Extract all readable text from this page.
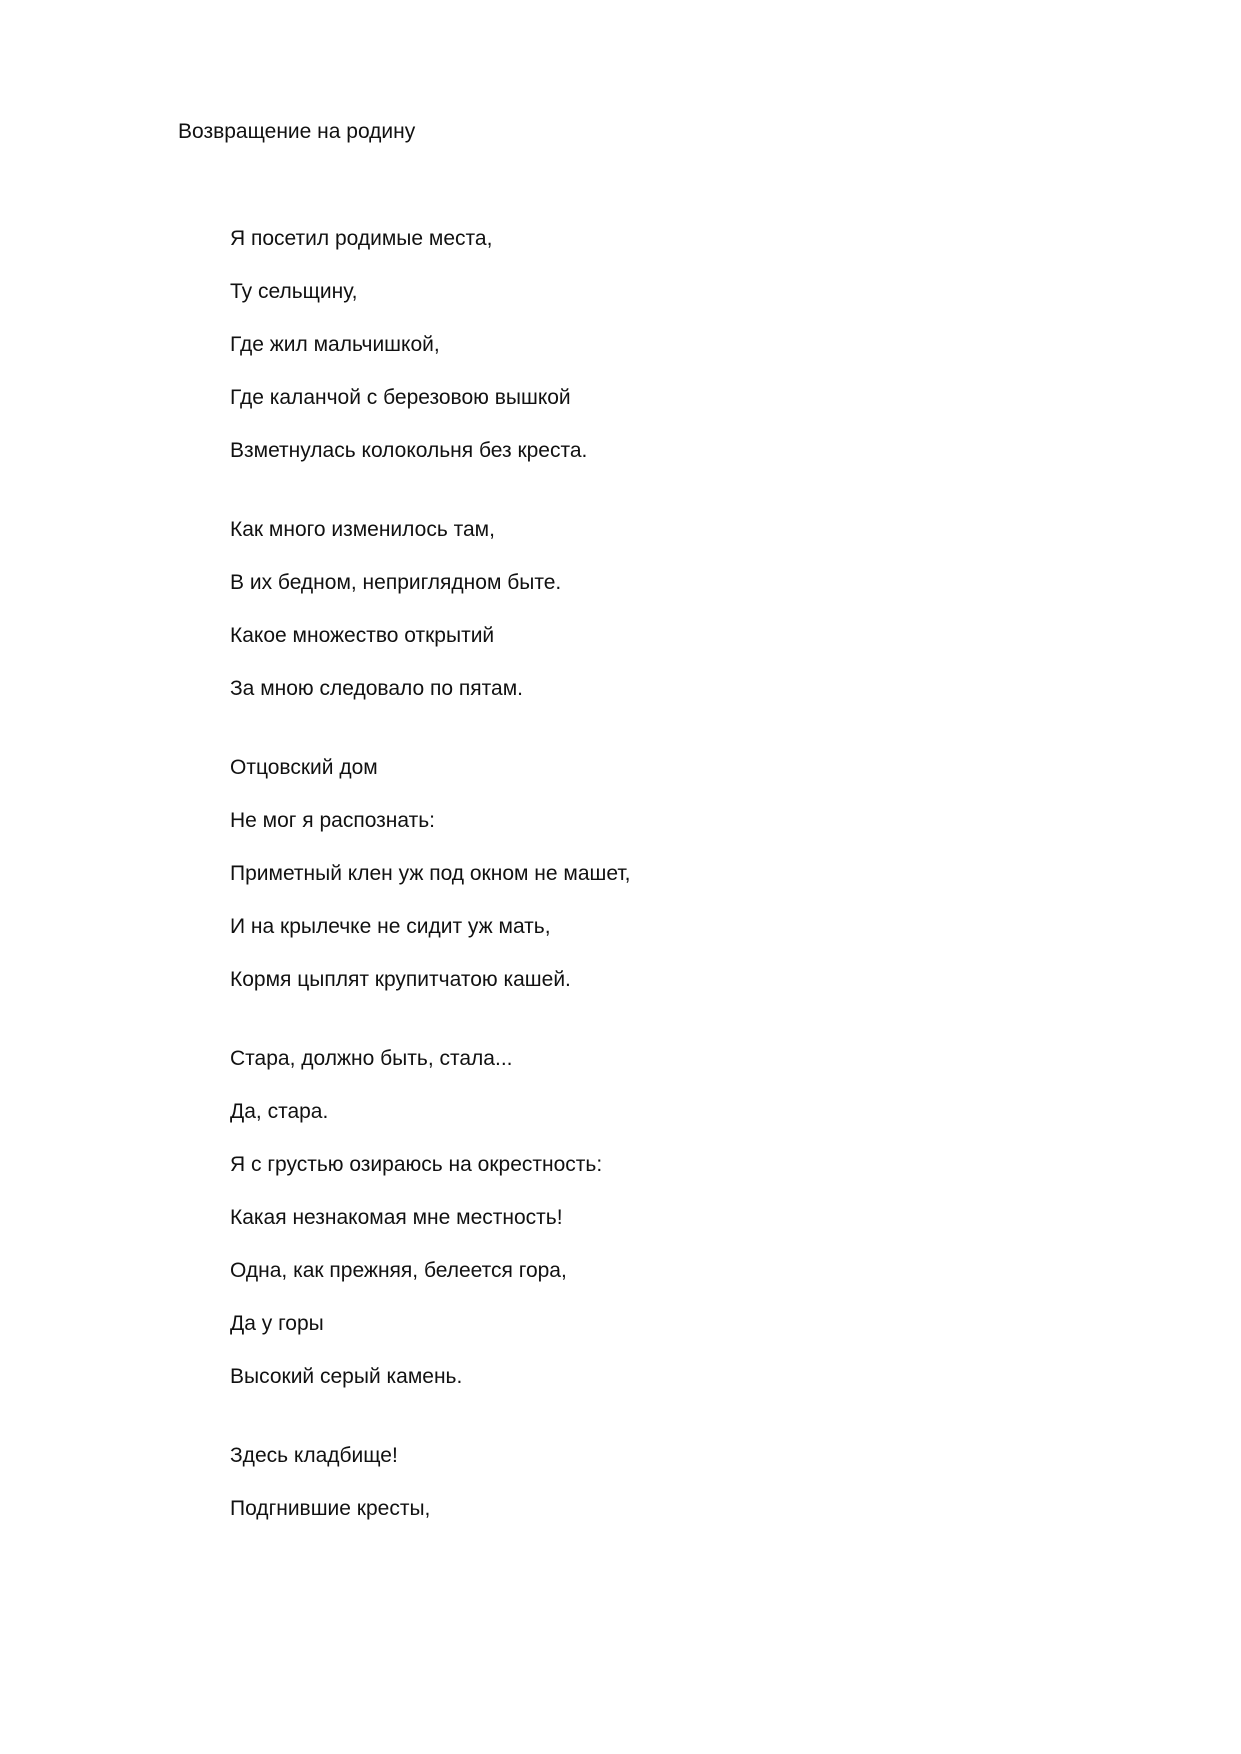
Возвращение на родину
Я посетил родимые места,
Ту сельщину,
Где жил мальчишкой,
Где каланчой с березовою вышкой
Взметнулась колокольня без креста.
Как много изменилось там,
В их бедном, неприглядном быте.
Какое множество открытий
За мною следовало по пятам.
Отцовский дом
Не мог я распознать:
Приметный клен уж под окном не машет,
И на крылечке не сидит уж мать,
Кормя цыплят крупитчатою кашей.
Стара, должно быть, стала...
Да, стара.
Я с грустью озираюсь на окрестность:
Какая незнакомая мне местность!
Одна, как прежняя, белеется гора,
Да у горы
Высокий серый камень.
Здесь кладбище!
Подгнившие кресты,
